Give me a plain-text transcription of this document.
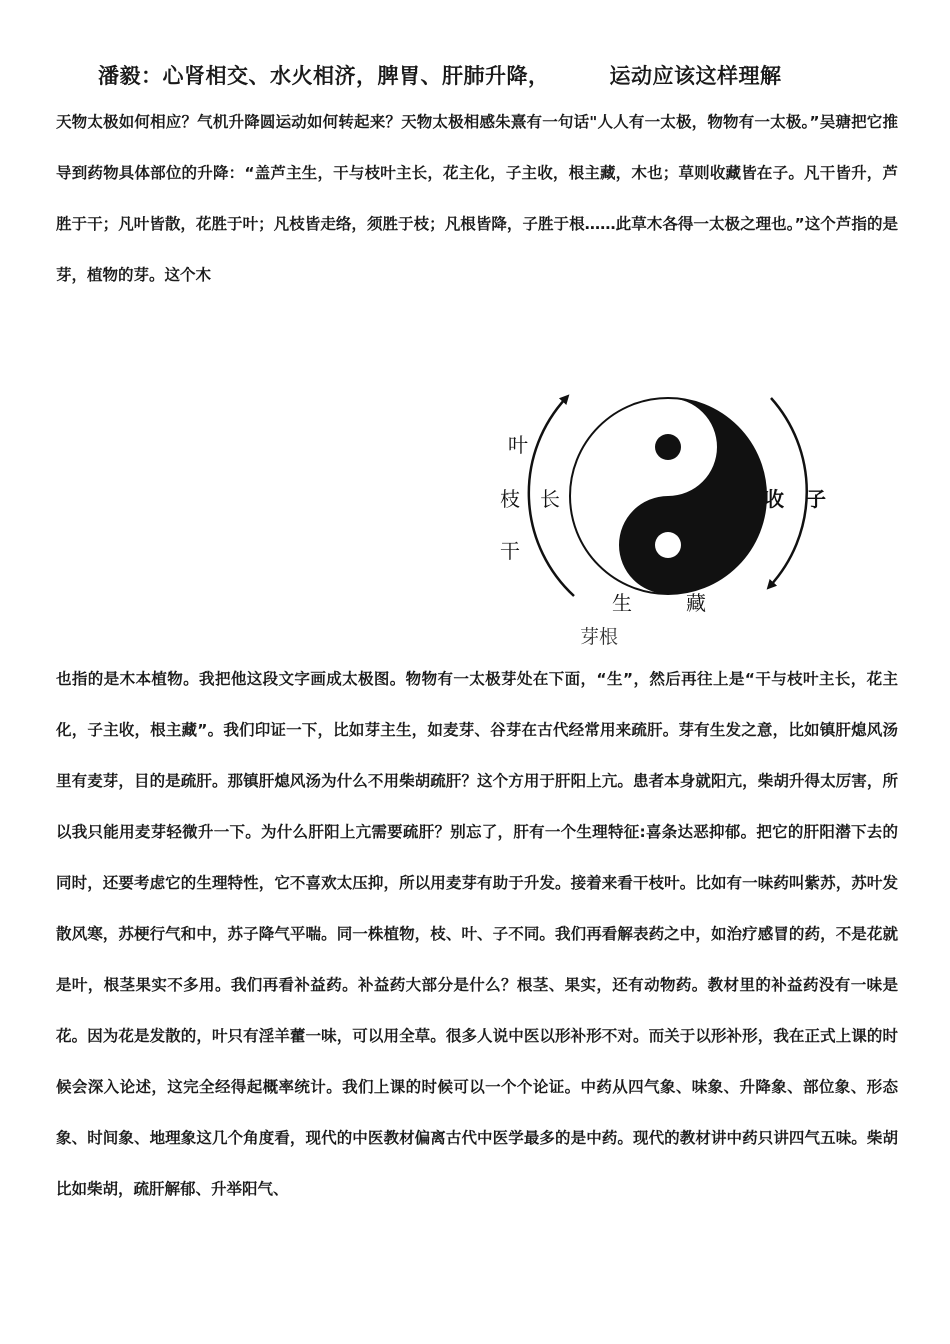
潘毅：心肾相交、水火相济，脾胃、肝肺升降，	运动应该这样理解

天物太极如何相应？气机升降圆运动如何转起来？天物太极相感朱熹有一句话"人人有一太极，物物有一太极。”吴瑭把它推导到药物具体部位的升降：“盖芦主生，干与枝叶主长，花主化，子主收，根主藏，木也；草则收藏皆在子。凡干皆升，芦胜于干；凡叶皆散，花胜于叶；凡枝皆走络，须胜于枝；凡根皆降，子胜于根……此草木各得一太极之理也。”这个芦指的是芽，植物的芽。这个木

叶
枝
干
长	收 子
生	藏
芽根

也指的是木本植物。我把他这段文字画成太极图。物物有一太极芽处在下面，“生”，然后再往上是“干与枝叶主长，花主化，子主收，根主藏”。我们印证一下，比如芽主生，如麦芽、谷芽在古代经常用来疏肝。芽有生发之意，比如镇肝熄风汤里有麦芽，目的是疏肝。那镇肝熄风汤为什么不用柴胡疏肝？这个方用于肝阳上亢。患者本身就阳亢，柴胡升得太厉害，所以我只能用麦芽轻微升一下。为什么肝阳上亢需要疏肝？别忘了，肝有一个生理特征:喜条达恶抑郁。把它的肝阳潜下去的同时，还要考虑它的生理特性，它不喜欢太压抑，所以用麦芽有助于升发。接着来看干枝叶。比如有一味药叫紫苏，苏叶发散风寒，苏梗行气和中，苏子降气平喘。同一株植物，枝、叶、子不同。我们再看解表药之中，如治疗感冒的药，不是花就是叶，根茎果实不多用。我们再看补益药。补益药大部分是什么？根茎、果实，还有动物药。教材里的补益药没有一味是花。因为花是发散的，叶只有淫羊藿一味，可以用全草。很多人说中医以形补形不对。而关于以形补形，我在正式上课的时候会深入论述，这完全经得起概率统计。我们上课的时候可以一个个论证。中药从四气象、味象、升降象、部位象、形态象、时间象、地理象这几个角度看，现代的中医教材偏离古代中医学最多的是中药。现代的教材讲中药只讲四气五味。柴胡比如柴胡，疏肝解郁、升举阳气、
